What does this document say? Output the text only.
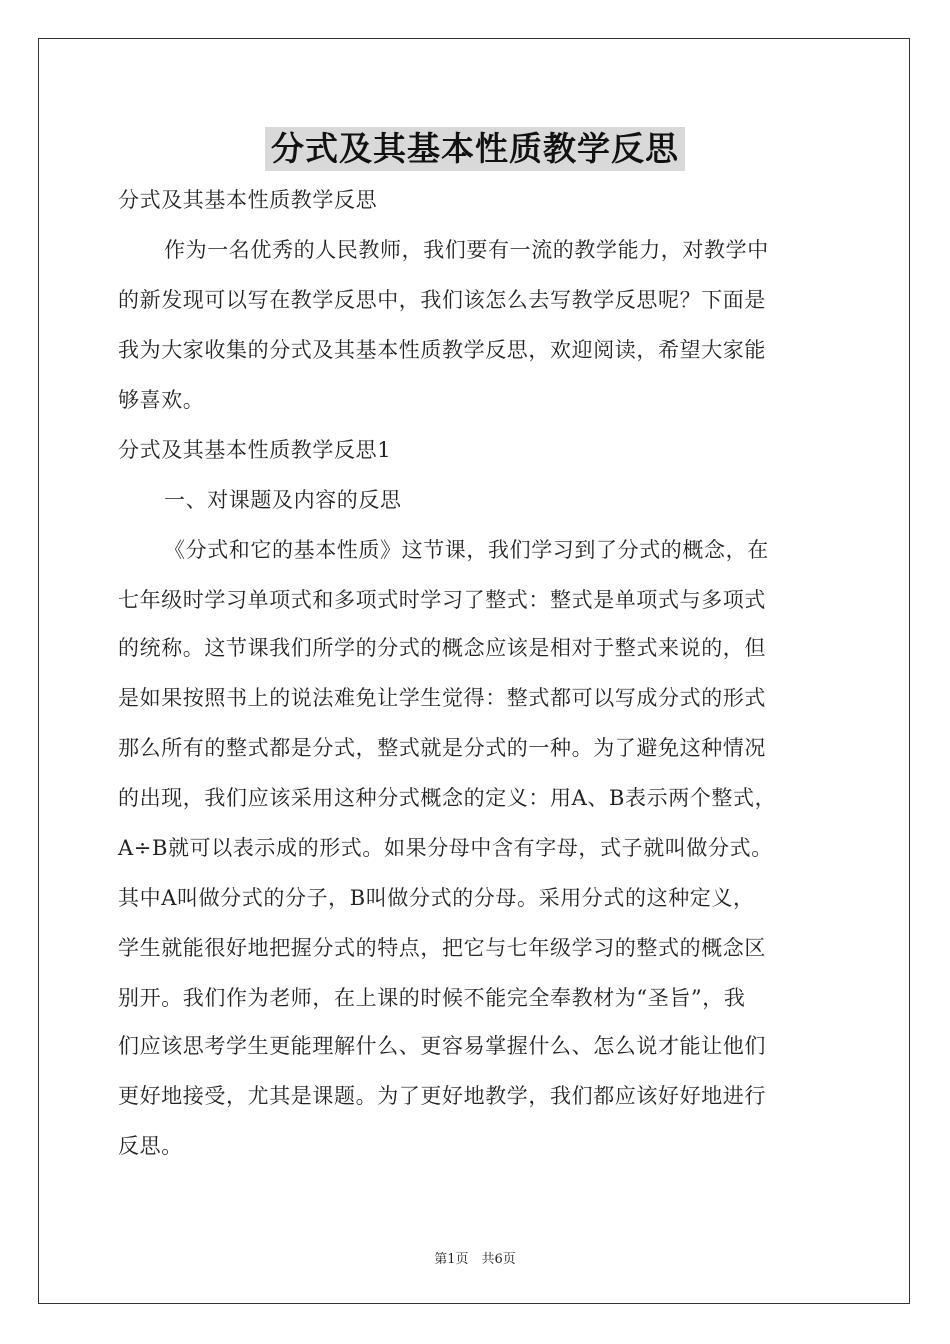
分式及其基本性质教学反思
分式及其基本性质教学反思
作为一名优秀的人民教师，我们要有一流的教学能力，对教学中
的新发现可以写在教学反思中，我们该怎么去写教学反思呢？下面是
我为大家收集的分式及其基本性质教学反思，欢迎阅读，希望大家能
够喜欢。
分式及其基本性质教学反思1
一、对课题及内容的反思
《分式和它的基本性质》这节课，我们学习到了分式的概念，在
七年级时学习单项式和多项式时学习了整式：整式是单项式与多项式
的统称。这节课我们所学的分式的概念应该是相对于整式来说的，但
是如果按照书上的说法难免让学生觉得：整式都可以写成分式的形式
那么所有的整式都是分式，整式就是分式的一种。为了避免这种情况
的出现，我们应该采用这种分式概念的定义：用A、B表示两个整式，
A÷B就可以表示成的形式。如果分母中含有字母，式子就叫做分式。
其中A叫做分式的分子，B叫做分式的分母。采用分式的这种定义，
学生就能很好地把握分式的特点，把它与七年级学习的整式的概念区
别开。我们作为老师，在上课的时候不能完全奉教材为“圣旨”，我
们应该思考学生更能理解什么、更容易掌握什么、怎么说才能让他们
更好地接受，尤其是课题。为了更好地教学，我们都应该好好地进行
反思。
第1页　共6页
